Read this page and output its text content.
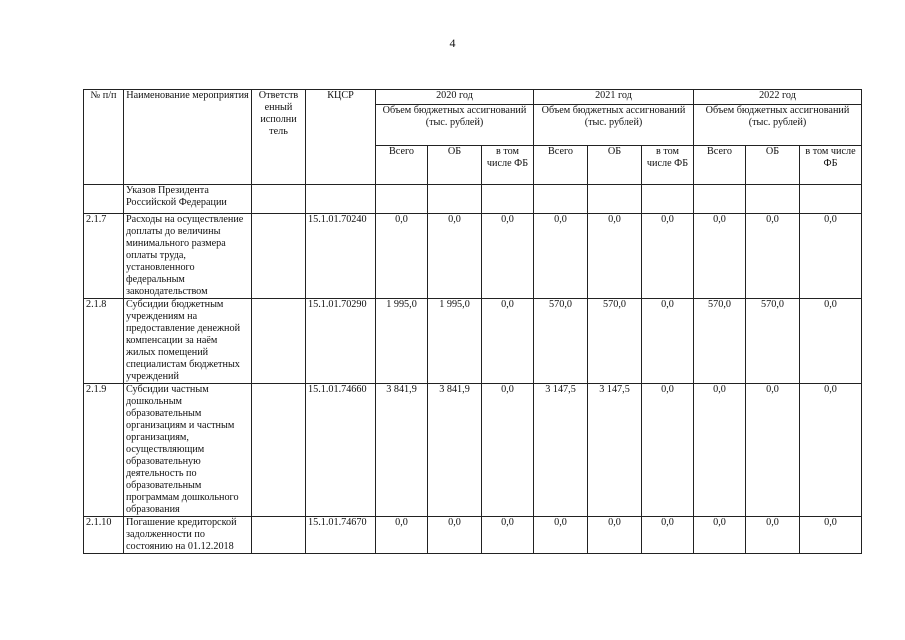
4
№ п/п	Наименование мероприятия	Ответств енный исполни тель	КЦСР	2020 год			2021 год			2022 год		
				Объем бюджетных ассигнований (тыс. рублей)			Объем бюджетных ассигнований (тыс. рублей)			Объем бюджетных ассигнований (тыс. рублей)		
				Всего	ОБ	в том числе ФБ	Всего	ОБ	в том числе ФБ	Всего	ОБ	в том числе ФБ
	Указов Президента Российской Федерации											
2.1.7	Расходы на осуществление доплаты до величины минимального размера оплаты труда, установленного федеральным законодательством		15.1.01.70240	0,0	0,0	0,0	0,0	0,0	0,0	0,0	0,0	0,0
2.1.8	Субсидии бюджетным учреждениям на предоставление денежной компенсации за наём жилых помещений специалистам бюджетных учреждений		15.1.01.70290	1 995,0	1 995,0	0,0	570,0	570,0	0,0	570,0	570,0	0,0
2.1.9	Субсидии частным дошкольным образовательным организациям и частным организациям, осуществляющим образовательную деятельность по образовательным программам дошкольного образования		15.1.01.74660	3 841,9	3 841,9	0,0	3 147,5	3 147,5	0,0	0,0	0,0	0,0
2.1.10	Погашение кредиторской задолженности по состоянию на 01.12.2018		15.1.01.74670	0,0	0,0	0,0	0,0	0,0	0,0	0,0	0,0	0,0
